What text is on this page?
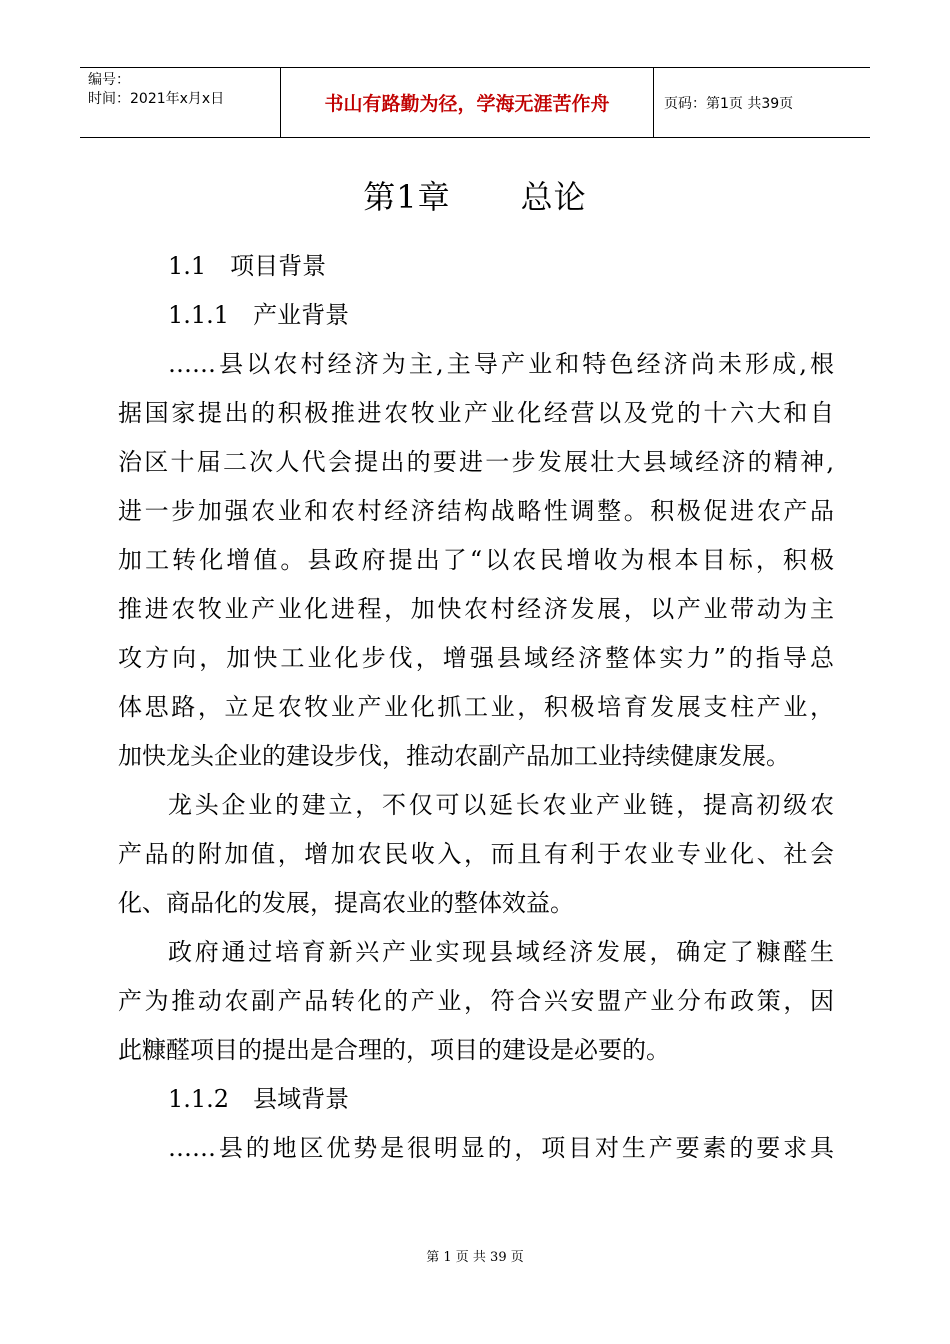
编号：
时间：2021年x月x日	书山有路勤为径，学海无涯苦作舟	页码：第1页 共39页
第1章 总论
1.1　项目背景
1.1.1　产业背景
……县以农村经济为主,主导产业和特色经济尚未形成,根
据国家提出的积极推进农牧业产业化经营以及党的十六大和自
治区十届二次人代会提出的要进一步发展壮大县域经济的精神,
进一步加强农业和农村经济结构战略性调整。积极促进农产品
加工转化增值。县政府提出了“以农民增收为根本目标，积极
推进农牧业产业化进程，加快农村经济发展，以产业带动为主
攻方向，加快工业化步伐，增强县域经济整体实力”的指导总
体思路，立足农牧业产业化抓工业，积极培育发展支柱产业，
加快龙头企业的建设步伐，推动农副产品加工业持续健康发展。
龙头企业的建立，不仅可以延长农业产业链，提高初级农
产品的附加值，增加农民收入，而且有利于农业专业化、社会
化、商品化的发展，提高农业的整体效益。
政府通过培育新兴产业实现县域经济发展，确定了糠醛生
产为推动农副产品转化的产业，符合兴安盟产业分布政策，因
此糠醛项目的提出是合理的，项目的建设是必要的。
1.1.2　县域背景
……县的地区优势是很明显的，项目对生产要素的要求具
第 1 页 共 39 页
